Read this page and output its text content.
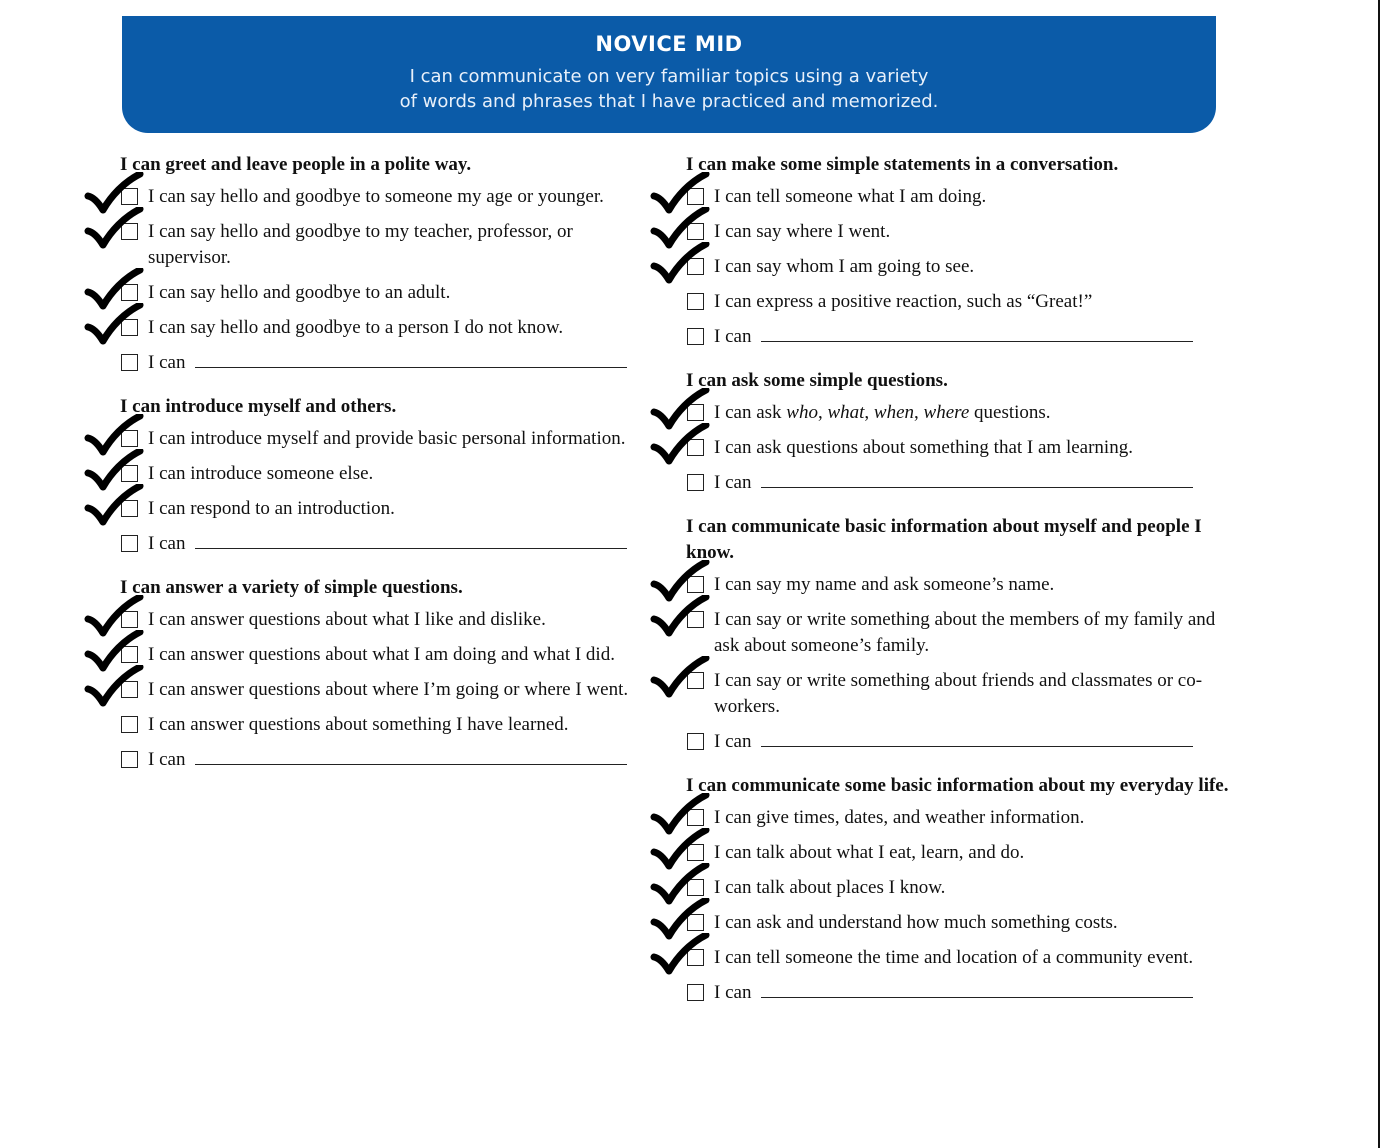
NOVICE MID
I can communicate on very familiar topics using a variety
of words and phrases that I have practiced and memorized.
I can greet and leave people in a polite way.
I can say hello and goodbye to someone my age or younger.
I can say hello and goodbye to my teacher, professor, or supervisor.
I can say hello and goodbye to an adult.
I can say hello and goodbye to a person I do not know.
I can
I can introduce myself and others.
I can introduce myself and provide basic personal information.
I can introduce someone else.
I can respond to an introduction.
I can
I can answer a variety of simple questions.
I can answer questions about what I like and dislike.
I can answer questions about what I am doing and what I did.
I can answer questions about where I’m going or where I went.
I can answer questions about something I have learned.
I can
I can make some simple statements in a conversation.
I can tell someone what I am doing.
I can say where I went.
I can say whom I am going to see.
I can express a positive reaction, such as “Great!”
I can
I can ask some simple questions.
I can ask who, what, when, where questions.
I can ask questions about something that I am learning.
I can
I can communicate basic information about myself and people I know.
I can say my name and ask someone’s name.
I can say or write something about the members of my family and ask about someone’s family.
I can say or write something about friends and classmates or co-workers.
I can
I can communicate some basic information about my everyday life.
I can give times, dates, and weather information.
I can talk about what I eat, learn, and do.
I can talk about places I know.
I can ask and understand how much something costs.
I can tell someone the time and location of a community event.
I can
